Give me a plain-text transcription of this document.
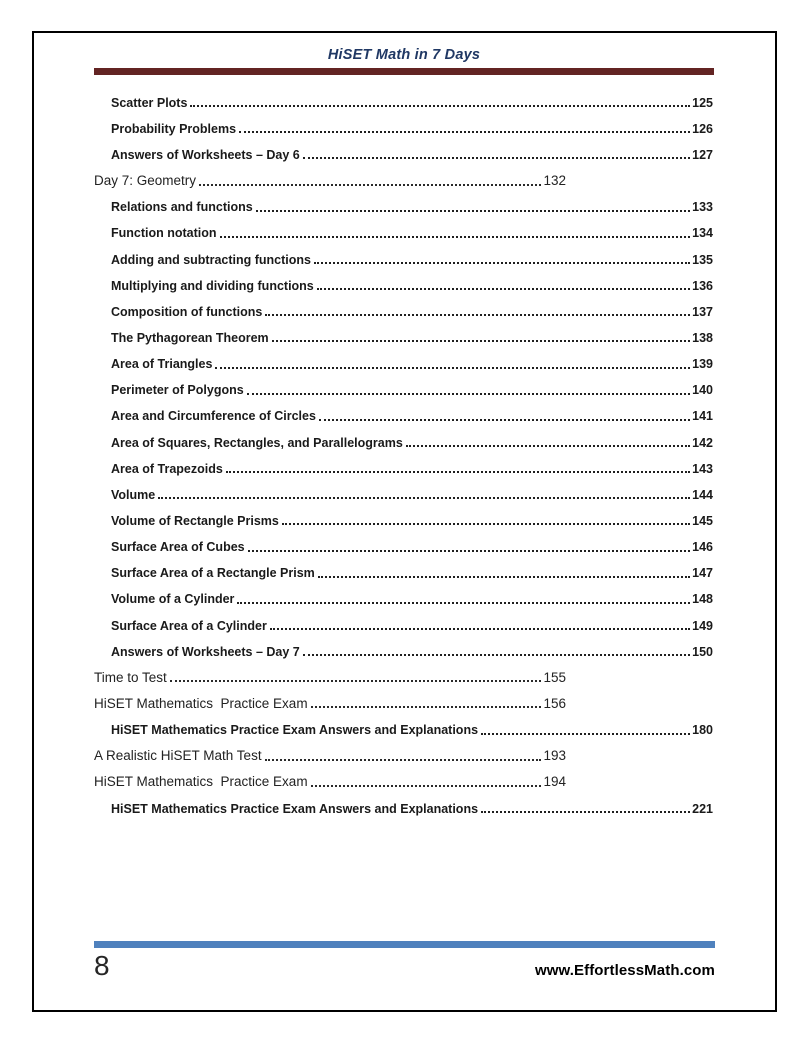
HiSET Math in 7 Days
Scatter Plots	125
Probability Problems	126
Answers of Worksheets – Day 6	127
Day 7: Geometry	132
Relations and functions	133
Function notation	134
Adding and subtracting functions	135
Multiplying and dividing functions	136
Composition of functions	137
The Pythagorean Theorem	138
Area of Triangles	139
Perimeter of Polygons	140
Area and Circumference of Circles	141
Area of Squares, Rectangles, and Parallelograms	142
Area of Trapezoids	143
Volume	144
Volume of Rectangle Prisms	145
Surface Area of Cubes	146
Surface Area of a Rectangle Prism	147
Volume of a Cylinder	148
Surface Area of a Cylinder	149
Answers of Worksheets – Day 7	150
Time to Test	155
HiSET Mathematics  Practice Exam	156
HiSET Mathematics Practice Exam Answers and Explanations	180
A Realistic HiSET Math Test	193
HiSET Mathematics  Practice Exam	194
HiSET Mathematics Practice Exam Answers and Explanations	221
8	www.EffortlessMath.com
